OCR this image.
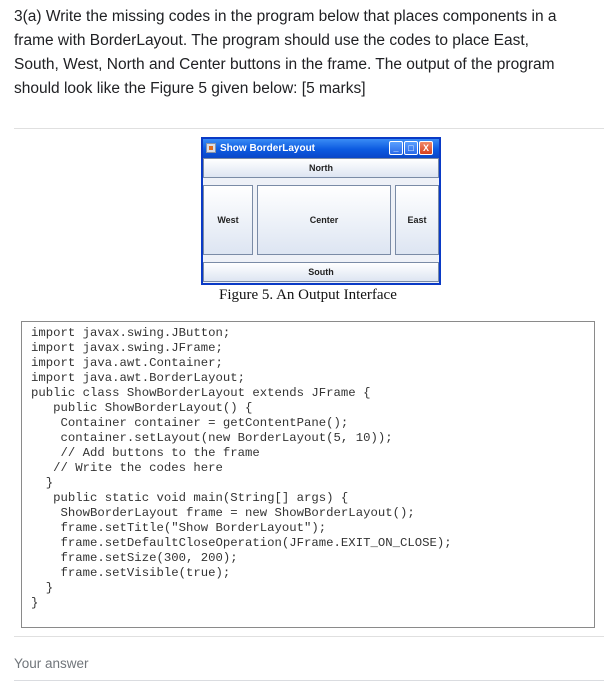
3(a) Write the missing codes in the program below that places components in a
frame with BorderLayout. The program should use the codes to place East,
South, West, North and Center buttons in the frame. The output of the program
should look like the Figure 5 given below: [5 marks]
Show BorderLayout	_	□	X
North
West	Center	East
South
Figure 5. An Output Interface
import javax.swing.JButton;
import javax.swing.JFrame;
import java.awt.Container;
import java.awt.BorderLayout;
public class ShowBorderLayout extends JFrame {
public ShowBorderLayout() {
Container container = getContentPane();
container.setLayout(new BorderLayout(5, 10));
// Add buttons to the frame
// Write the codes here
}
public static void main(String[] args) {
ShowBorderLayout frame = new ShowBorderLayout();
frame.setTitle("Show BorderLayout");
frame.setDefaultCloseOperation(JFrame.EXIT_ON_CLOSE);
frame.setSize(300, 200);
frame.setVisible(true);
}
}
Your answer
